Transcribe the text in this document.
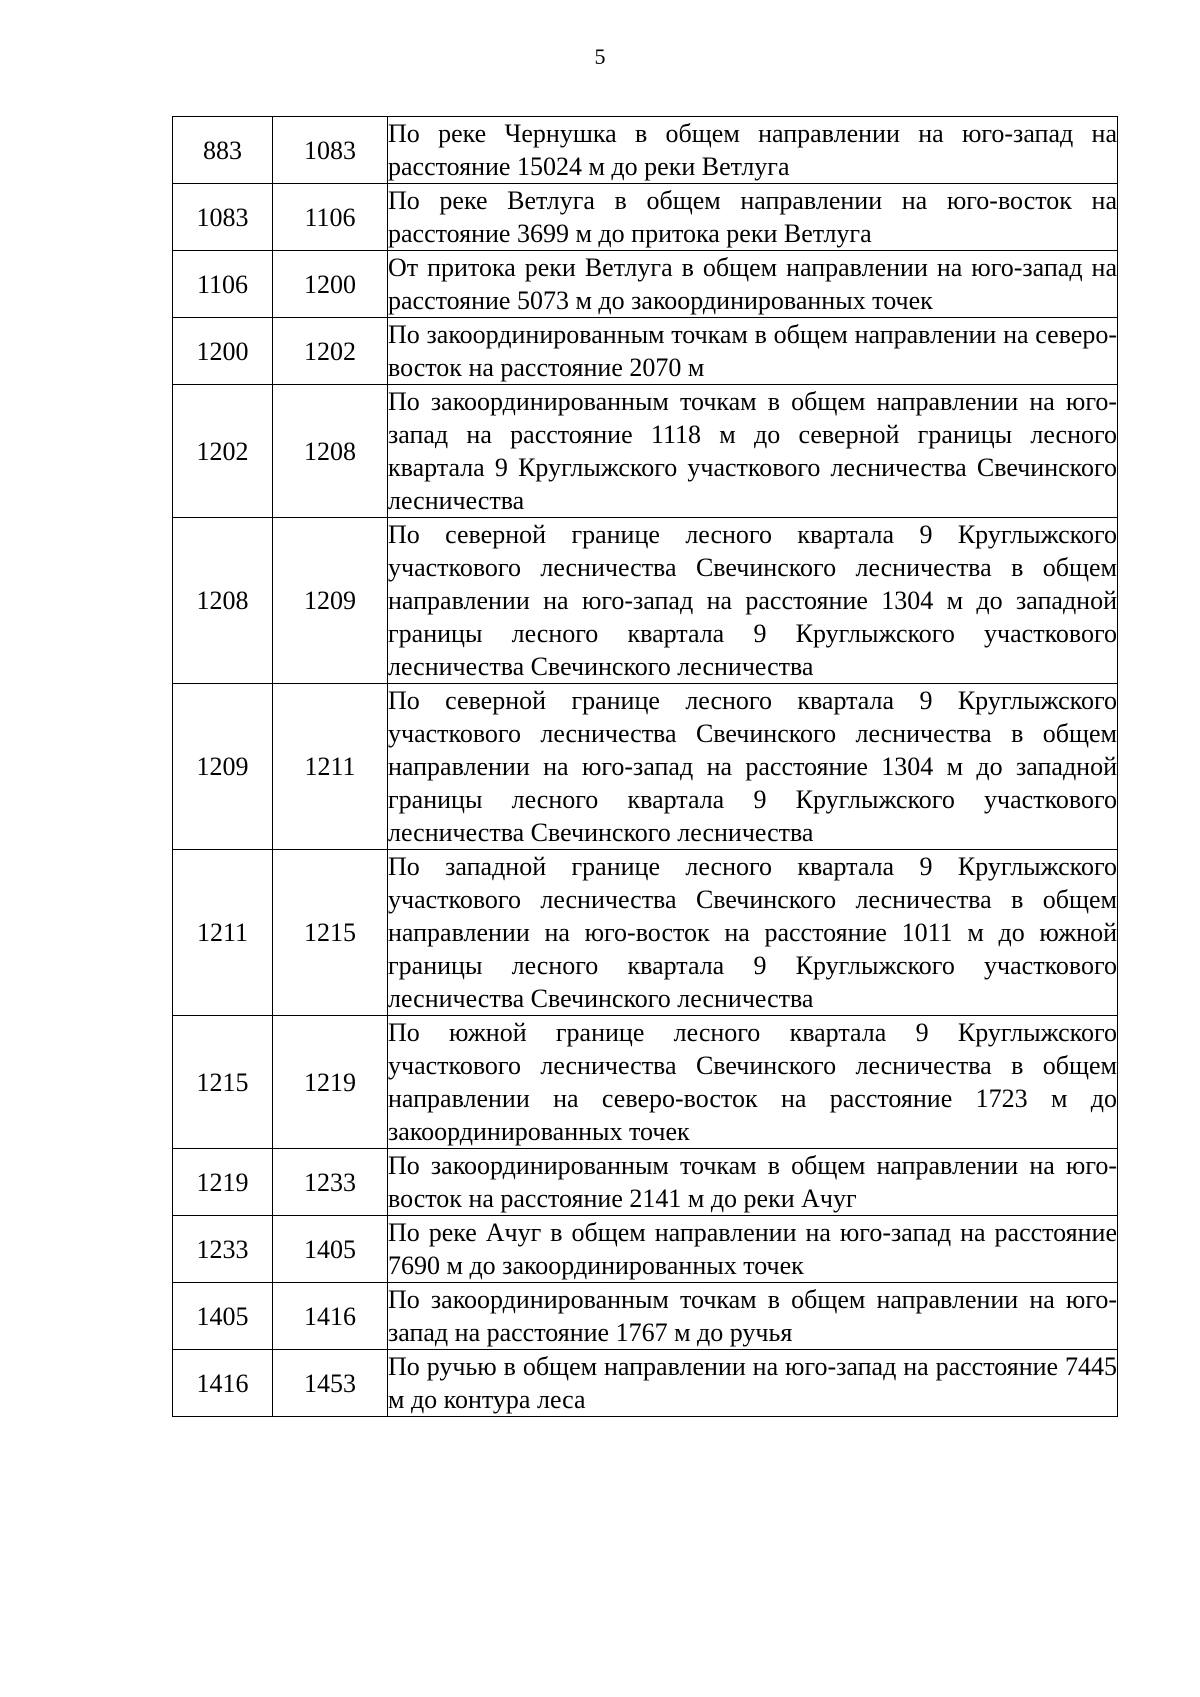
5
883	1083	По реке Чернушка в общем направлении на юго-запад на расстояние 15024 м до реки Ветлуга
1083	1106	По реке Ветлуга в общем направлении на юго-восток на расстояние 3699 м до притока реки Ветлуга
1106	1200	От притока реки Ветлуга в общем направлении на юго-запад на расстояние 5073 м до закоординированных точек
1200	1202	По закоординированным точкам в общем направлении на северо-восток на расстояние 2070 м
1202	1208	По закоординированным точкам в общем направлении на юго-запад на расстояние 1118 м до северной границы лесного квартала 9 Круглыжского участкового лесничества Свечинского лесничества
1208	1209	По северной границе лесного квартала 9 Круглыжского участкового лесничества Свечинского лесничества в общем направлении на юго-запад на расстояние 1304 м до западной границы лесного квартала 9 Круглыжского участкового лесничества Свечинского лесничества
1209	1211	По северной границе лесного квартала 9 Круглыжского участкового лесничества Свечинского лесничества в общем направлении на юго-запад на расстояние 1304 м до западной границы лесного квартала 9 Круглыжского участкового лесничества Свечинского лесничества
1211	1215	По западной границе лесного квартала 9 Круглыжского участкового лесничества Свечинского лесничества в общем направлении на юго-восток на расстояние 1011 м до южной границы лесного квартала 9 Круглыжского участкового лесничества Свечинского лесничества
1215	1219	По южной границе лесного квартала 9 Круглыжского участкового лесничества Свечинского лесничества в общем направлении на северо-восток на расстояние 1723 м до закоординированных точек
1219	1233	По закоординированным точкам в общем направлении на юго-восток на расстояние 2141 м до реки Ачуг
1233	1405	По реке Ачуг в общем направлении на юго-запад на расстояние 7690 м до закоординированных точек
1405	1416	По закоординированным точкам в общем направлении на юго-запад на расстояние 1767 м до ручья
1416	1453	По ручью в общем направлении на юго-запад на расстояние 7445 м до контура леса
